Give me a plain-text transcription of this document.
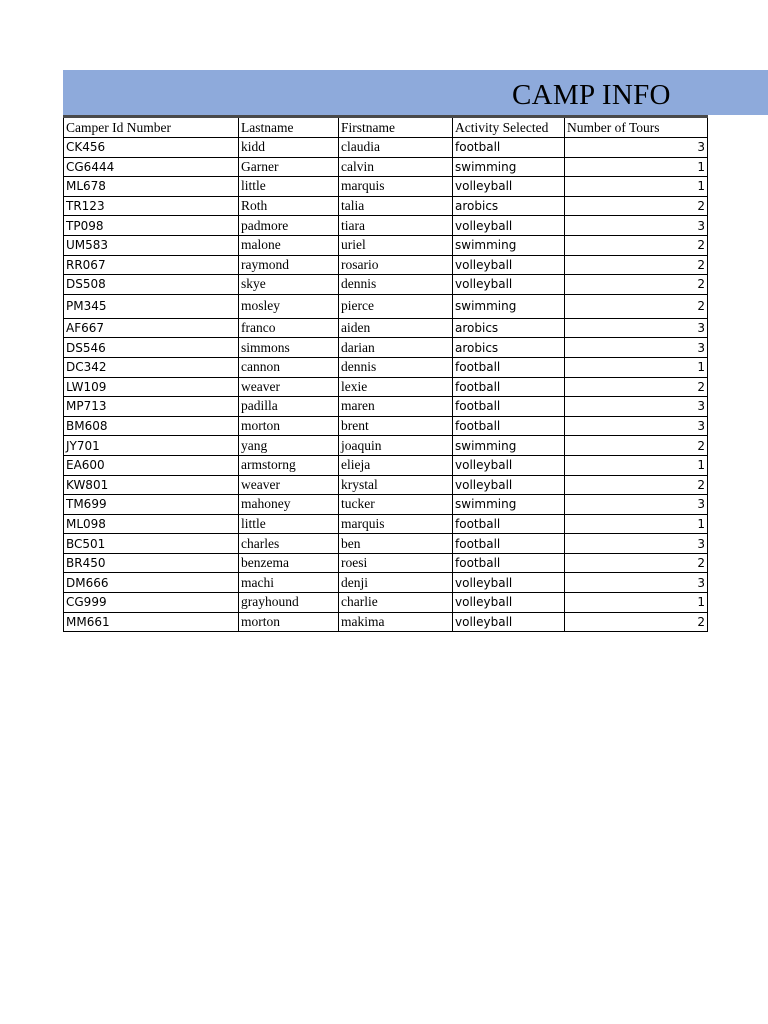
CAMP INFO
Camper Id Number	Lastname	Firstname	Activity Selected	Number of Tours
CK456	kidd	claudia	football	3
CG6444	Garner	calvin	swimming	1
ML678	little	marquis	volleyball	1
TR123	Roth	talia	arobics	2
TP098	padmore	tiara	volleyball	3
UM583	malone	uriel	swimming	2
RR067	raymond	rosario	volleyball	2
DS508	skye	dennis	volleyball	2
PM345	mosley	pierce	swimming	2
AF667	franco	aiden	arobics	3
DS546	simmons	darian	arobics	3
DC342	cannon	dennis	football	1
LW109	weaver	lexie	football	2
MP713	padilla	maren	football	3
BM608	morton	brent	football	3
JY701	yang	joaquin	swimming	2
EA600	armstorng	elieja	volleyball	1
KW801	weaver	krystal	volleyball	2
TM699	mahoney	tucker	swimming	3
ML098	little	marquis	football	1
BC501	charles	ben	football	3
BR450	benzema	roesi	football	2
DM666	machi	denji	volleyball	3
CG999	grayhound	charlie	volleyball	1
MM661	morton	makima	volleyball	2
